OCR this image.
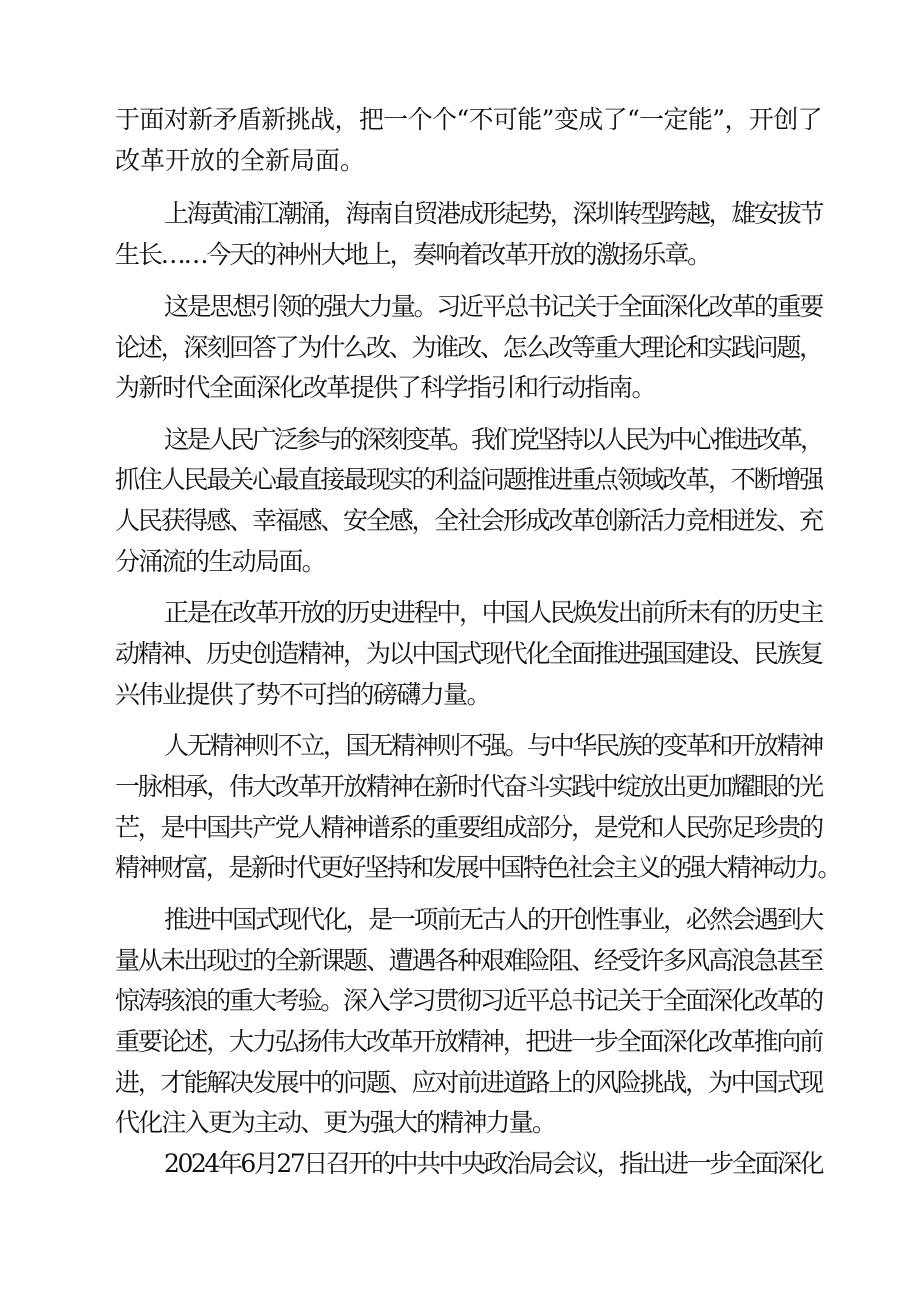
于面对新矛盾新挑战，把一个个“不可能”变成了“一定能”，开创了

改革开放的全新局面。

上海黄浦江潮涌，海南自贸港成形起势，深圳转型跨越，雄安拔节

生长……今天的神州大地上，奏响着改革开放的激扬乐章。

这是思想引领的强大力量。习近平总书记关于全面深化改革的重要

论述，深刻回答了为什么改、为谁改、怎么改等重大理论和实践问题，

为新时代全面深化改革提供了科学指引和行动指南。

这是人民广泛参与的深刻变革。我们党坚持以人民为中心推进改革，

抓住人民最关心最直接最现实的利益问题推进重点领域改革，不断增强

人民获得感、幸福感、安全感，全社会形成改革创新活力竞相迸发、充

分涌流的生动局面。

正是在改革开放的历史进程中，中国人民焕发出前所未有的历史主

动精神、历史创造精神，为以中国式现代化全面推进强国建设、民族复

兴伟业提供了势不可挡的磅礴力量。

人无精神则不立，国无精神则不强。与中华民族的变革和开放精神

一脉相承，伟大改革开放精神在新时代奋斗实践中绽放出更加耀眼的光

芒，是中国共产党人精神谱系的重要组成部分，是党和人民弥足珍贵的

精神财富，是新时代更好坚持和发展中国特色社会主义的强大精神动力。

推进中国式现代化，是一项前无古人的开创性事业，必然会遇到大

量从未出现过的全新课题、遭遇各种艰难险阻、经受许多风高浪急甚至

惊涛骇浪的重大考验。深入学习贯彻习近平总书记关于全面深化改革的

重要论述，大力弘扬伟大改革开放精神，把进一步全面深化改革推向前

进，才能解决发展中的问题、应对前进道路上的风险挑战，为中国式现

代化注入更为主动、更为强大的精神力量。

2024年6月27日召开的中共中央政治局会议，指出进一步全面深化
